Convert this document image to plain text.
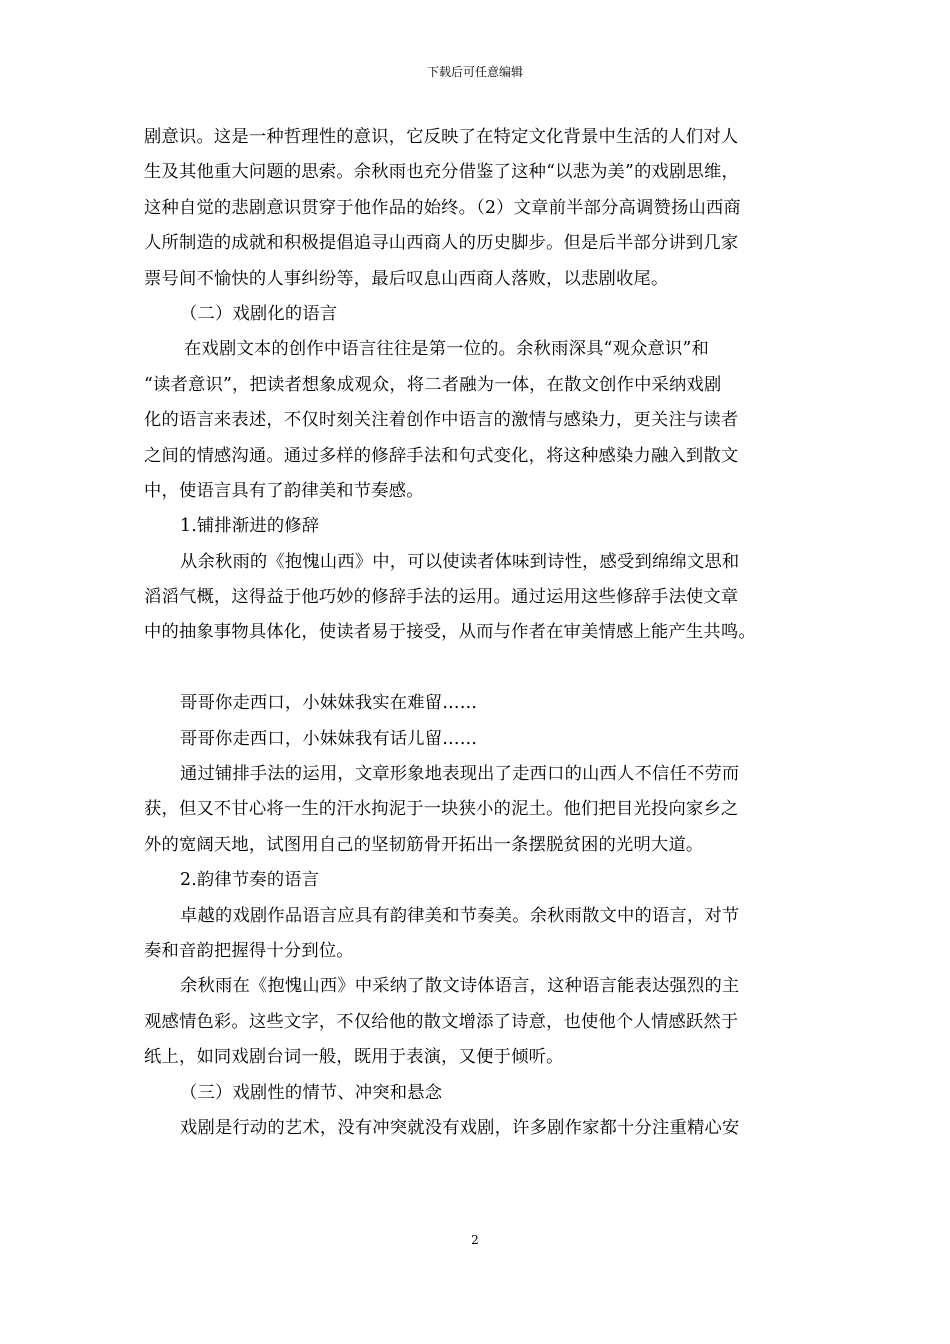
下载后可任意编辑
剧意识。这是一种哲理性的意识，它反映了在特定文化背景中生活的人们对人
生及其他重大问题的思索。余秋雨也充分借鉴了这种“以悲为美”的戏剧思维，
这种自觉的悲剧意识贯穿于他作品的始终。（2）文章前半部分高调赞扬山西商
人所制造的成就和积极提倡追寻山西商人的历史脚步。但是后半部分讲到几家
票号间不愉快的人事纠纷等，最后叹息山西商人落败，以悲剧收尾。
（二）戏剧化的语言
在戏剧文本的创作中语言往往是第一位的。余秋雨深具“观众意识”和
“读者意识”，把读者想象成观众，将二者融为一体，在散文创作中采纳戏剧
化的语言来表述，不仅时刻关注着创作中语言的激情与感染力，更关注与读者
之间的情感沟通。通过多样的修辞手法和句式变化，将这种感染力融入到散文
中，使语言具有了韵律美和节奏感。
1.铺排渐进的修辞
从余秋雨的《抱愧山西》中，可以使读者体味到诗性，感受到绵绵文思和
滔滔气概，这得益于他巧妙的修辞手法的运用。通过运用这些修辞手法使文章
中的抽象事物具体化，使读者易于接受，从而与作者在审美情感上能产生共鸣。
哥哥你走西口，小妹妹我实在难留……
哥哥你走西口，小妹妹我有话儿留……
通过铺排手法的运用，文章形象地表现出了走西口的山西人不信任不劳而
获，但又不甘心将一生的汗水拘泥于一块狭小的泥土。他们把目光投向家乡之
外的宽阔天地，试图用自己的坚韧筋骨开拓出一条摆脱贫困的光明大道。
2.韵律节奏的语言
卓越的戏剧作品语言应具有韵律美和节奏美。余秋雨散文中的语言，对节
奏和音韵把握得十分到位。
余秋雨在《抱愧山西》中采纳了散文诗体语言，这种语言能表达强烈的主
观感情色彩。这些文字，不仅给他的散文增添了诗意，也使他个人情感跃然于
纸上，如同戏剧台词一般，既用于表演，又便于倾听。
（三）戏剧性的情节、冲突和悬念
戏剧是行动的艺术，没有冲突就没有戏剧，许多剧作家都十分注重精心安
2
